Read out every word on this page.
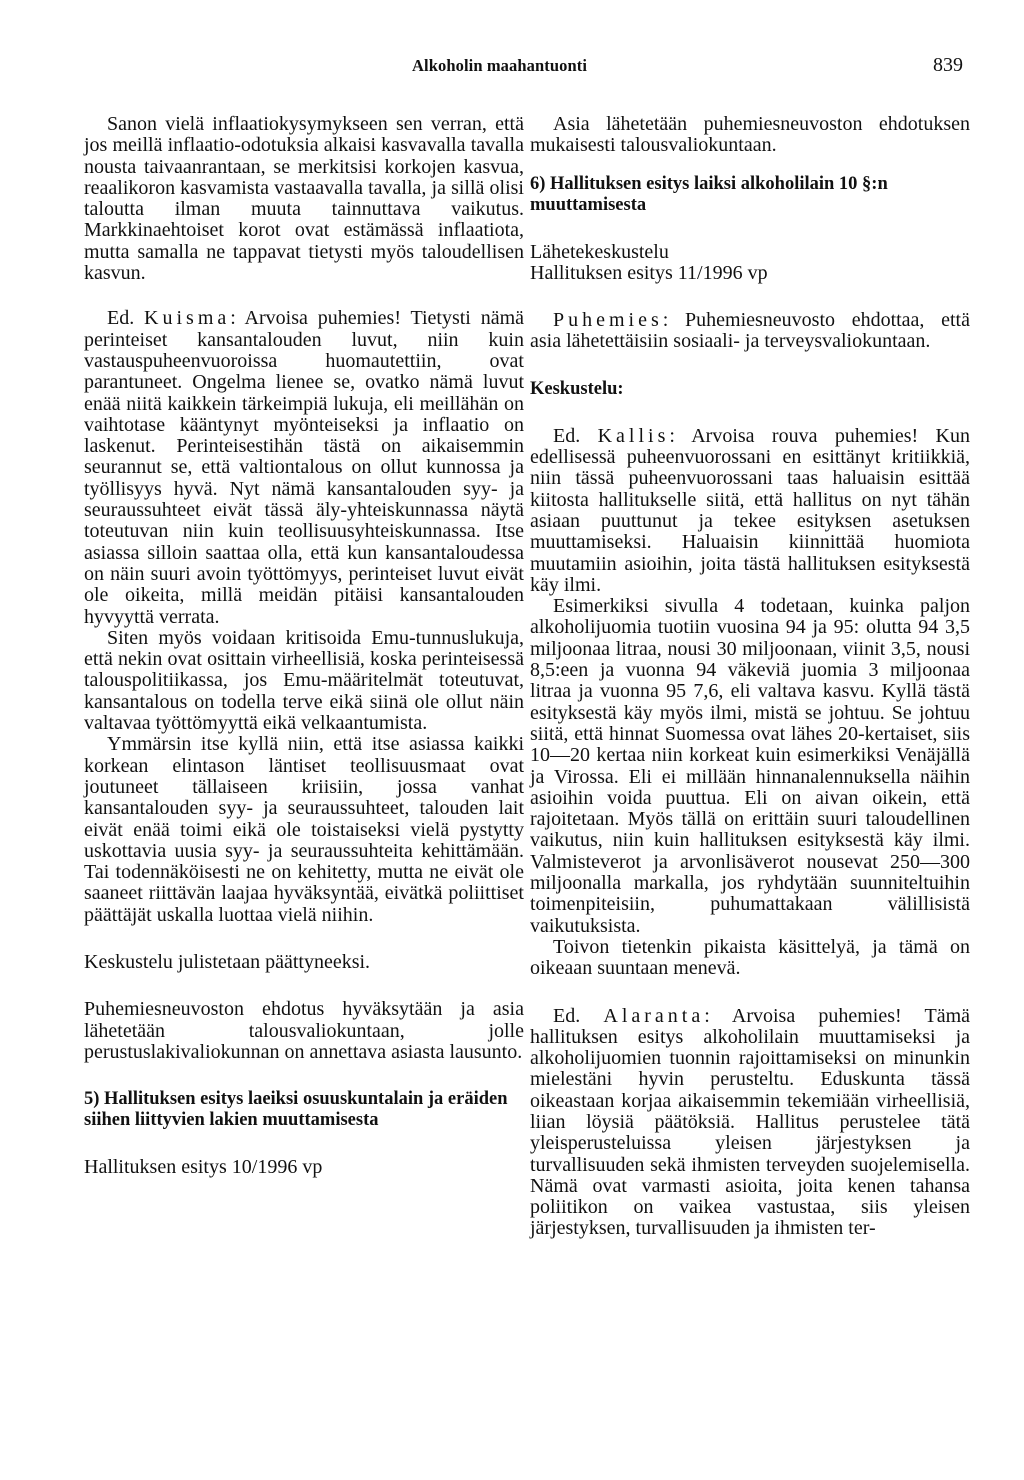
Alkoholin maahantuonti	839

Sanon vielä inflaatiokysymykseen sen verran, että jos meillä inflaatio-odotuksia alkaisi kasvavalla tavalla nousta taivaanrantaan, se merkitsisi korkojen kasvua, reaalikoron kasvamista vastaavalla tavalla, ja sillä olisi taloutta ilman muuta tainnuttava vaikutus. Markkinaehtoiset korot ovat estämässä inflaatiota, mutta samalla ne tappavat tietysti myös taloudellisen kasvun.

Ed. Kuisma: Arvoisa puhemies! Tietysti nämä perinteiset kansantalouden luvut, niin kuin vastauspuheenvuoroissa huomautettiin, ovat parantuneet. Ongelma lienee se, ovatko nämä luvut enää niitä kaikkein tärkeimpiä lukuja, eli meillähän on vaihtotase kääntynyt myönteiseksi ja inflaatio on laskenut. Perinteisestihän tästä on aikaisemmin seurannut se, että valtiontalous on ollut kunnossa ja työllisyys hyvä. Nyt nämä kansantalouden syy- ja seuraussuhteet eivät tässä äly-yhteiskunnassa näytä toteutuvan niin kuin teollisuusyhteiskunnassa. Itse asiassa silloin saattaa olla, että kun kansantaloudessa on näin suuri avoin työttömyys, perinteiset luvut eivät ole oikeita, millä meidän pitäisi kansantalouden hyvyyttä verrata.

Siten myös voidaan kritisoida Emu-tunnuslukuja, että nekin ovat osittain virheellisiä, koska perinteisessä talouspolitiikassa, jos Emu-määritelmät toteutuvat, kansantalous on todella terve eikä siinä ole ollut näin valtavaa työttömyyttä eikä velkaantumista.

Ymmärsin itse kyllä niin, että itse asiassa kaikki korkean elintason läntiset teollisuusmaat ovat joutuneet tällaiseen kriisiin, jossa vanhat kansantalouden syy- ja seuraussuhteet, talouden lait eivät enää toimi eikä ole toistaiseksi vielä pystytty uskottavia uusia syy- ja seuraussuhteita kehittämään. Tai todennäköisesti ne on kehitetty, mutta ne eivät ole saaneet riittävän laajaa hyväksyntää, eivätkä poliittiset päättäjät uskalla luottaa vielä niihin.

Keskustelu julistetaan päättyneeksi.

Puhemiesneuvoston ehdotus hyväksytään ja asia lähetetään talousvaliokuntaan, jolle perustuslakivaliokunnan on annettava asiasta lausunto.

5) Hallituksen esitys laeiksi osuuskuntalain ja eräiden siihen liittyvien lakien muuttamisesta

Hallituksen esitys 10/1996 vp

Asia lähetetään puhemiesneuvoston ehdotuksen mukaisesti talousvaliokuntaan.

6) Hallituksen esitys laiksi alkoholilain 10 §:n muuttamisesta

Lähetekeskustelu

Hallituksen esitys 11/1996 vp

Puhemies: Puhemiesneuvosto ehdottaa, että asia lähetettäisiin sosiaali- ja terveysvaliokuntaan.

Keskustelu:

Ed. Kallis: Arvoisa rouva puhemies! Kun edellisessä puheenvuorossani en esittänyt kritiikkiä, niin tässä puheenvuorossani taas haluaisin esittää kiitosta hallitukselle siitä, että hallitus on nyt tähän asiaan puuttunut ja tekee esityksen asetuksen muuttamiseksi. Haluaisin kiinnittää huomiota muutamiin asioihin, joita tästä hallituksen esityksestä käy ilmi.

Esimerkiksi sivulla 4 todetaan, kuinka paljon alkoholijuomia tuotiin vuosina 94 ja 95: olutta 94 3,5 miljoonaa litraa, nousi 30 miljoonaan, viinit 3,5, nousi 8,5:een ja vuonna 94 väkeviä juomia 3 miljoonaa litraa ja vuonna 95 7,6, eli valtava kasvu. Kyllä tästä esityksestä käy myös ilmi, mistä se johtuu. Se johtuu siitä, että hinnat Suomessa ovat lähes 20-kertaiset, siis 10—20 kertaa niin korkeat kuin esimerkiksi Venäjällä ja Virossa. Eli ei millään hinnanalennuksella näihin asioihin voida puuttua. Eli on aivan oikein, että rajoitetaan. Myös tällä on erittäin suuri taloudellinen vaikutus, niin kuin hallituksen esityksestä käy ilmi. Valmisteverot ja arvonlisäverot nousevat 250—300 miljoonalla markalla, jos ryhdytään suunniteltuihin toimenpiteisiin, puhumattakaan välillisistä vaikutuksista.

Toivon tietenkin pikaista käsittelyä, ja tämä on oikeaan suuntaan menevä.

Ed. Alaranta: Arvoisa puhemies! Tämä hallituksen esitys alkoholilain muuttamiseksi ja alkoholijuomien tuonnin rajoittamiseksi on minunkin mielestäni hyvin perusteltu. Eduskunta tässä oikeastaan korjaa aikaisemmin tekemiään virheellisiä, liian löysiä päätöksiä. Hallitus perustelee tätä yleisperusteluissa yleisen järjestyksen ja turvallisuuden sekä ihmisten terveyden suojelemisella. Nämä ovat varmasti asioita, joita kenen tahansa poliitikon on vaikea vastustaa, siis yleisen järjestyksen, turvallisuuden ja ihmisten ter-
